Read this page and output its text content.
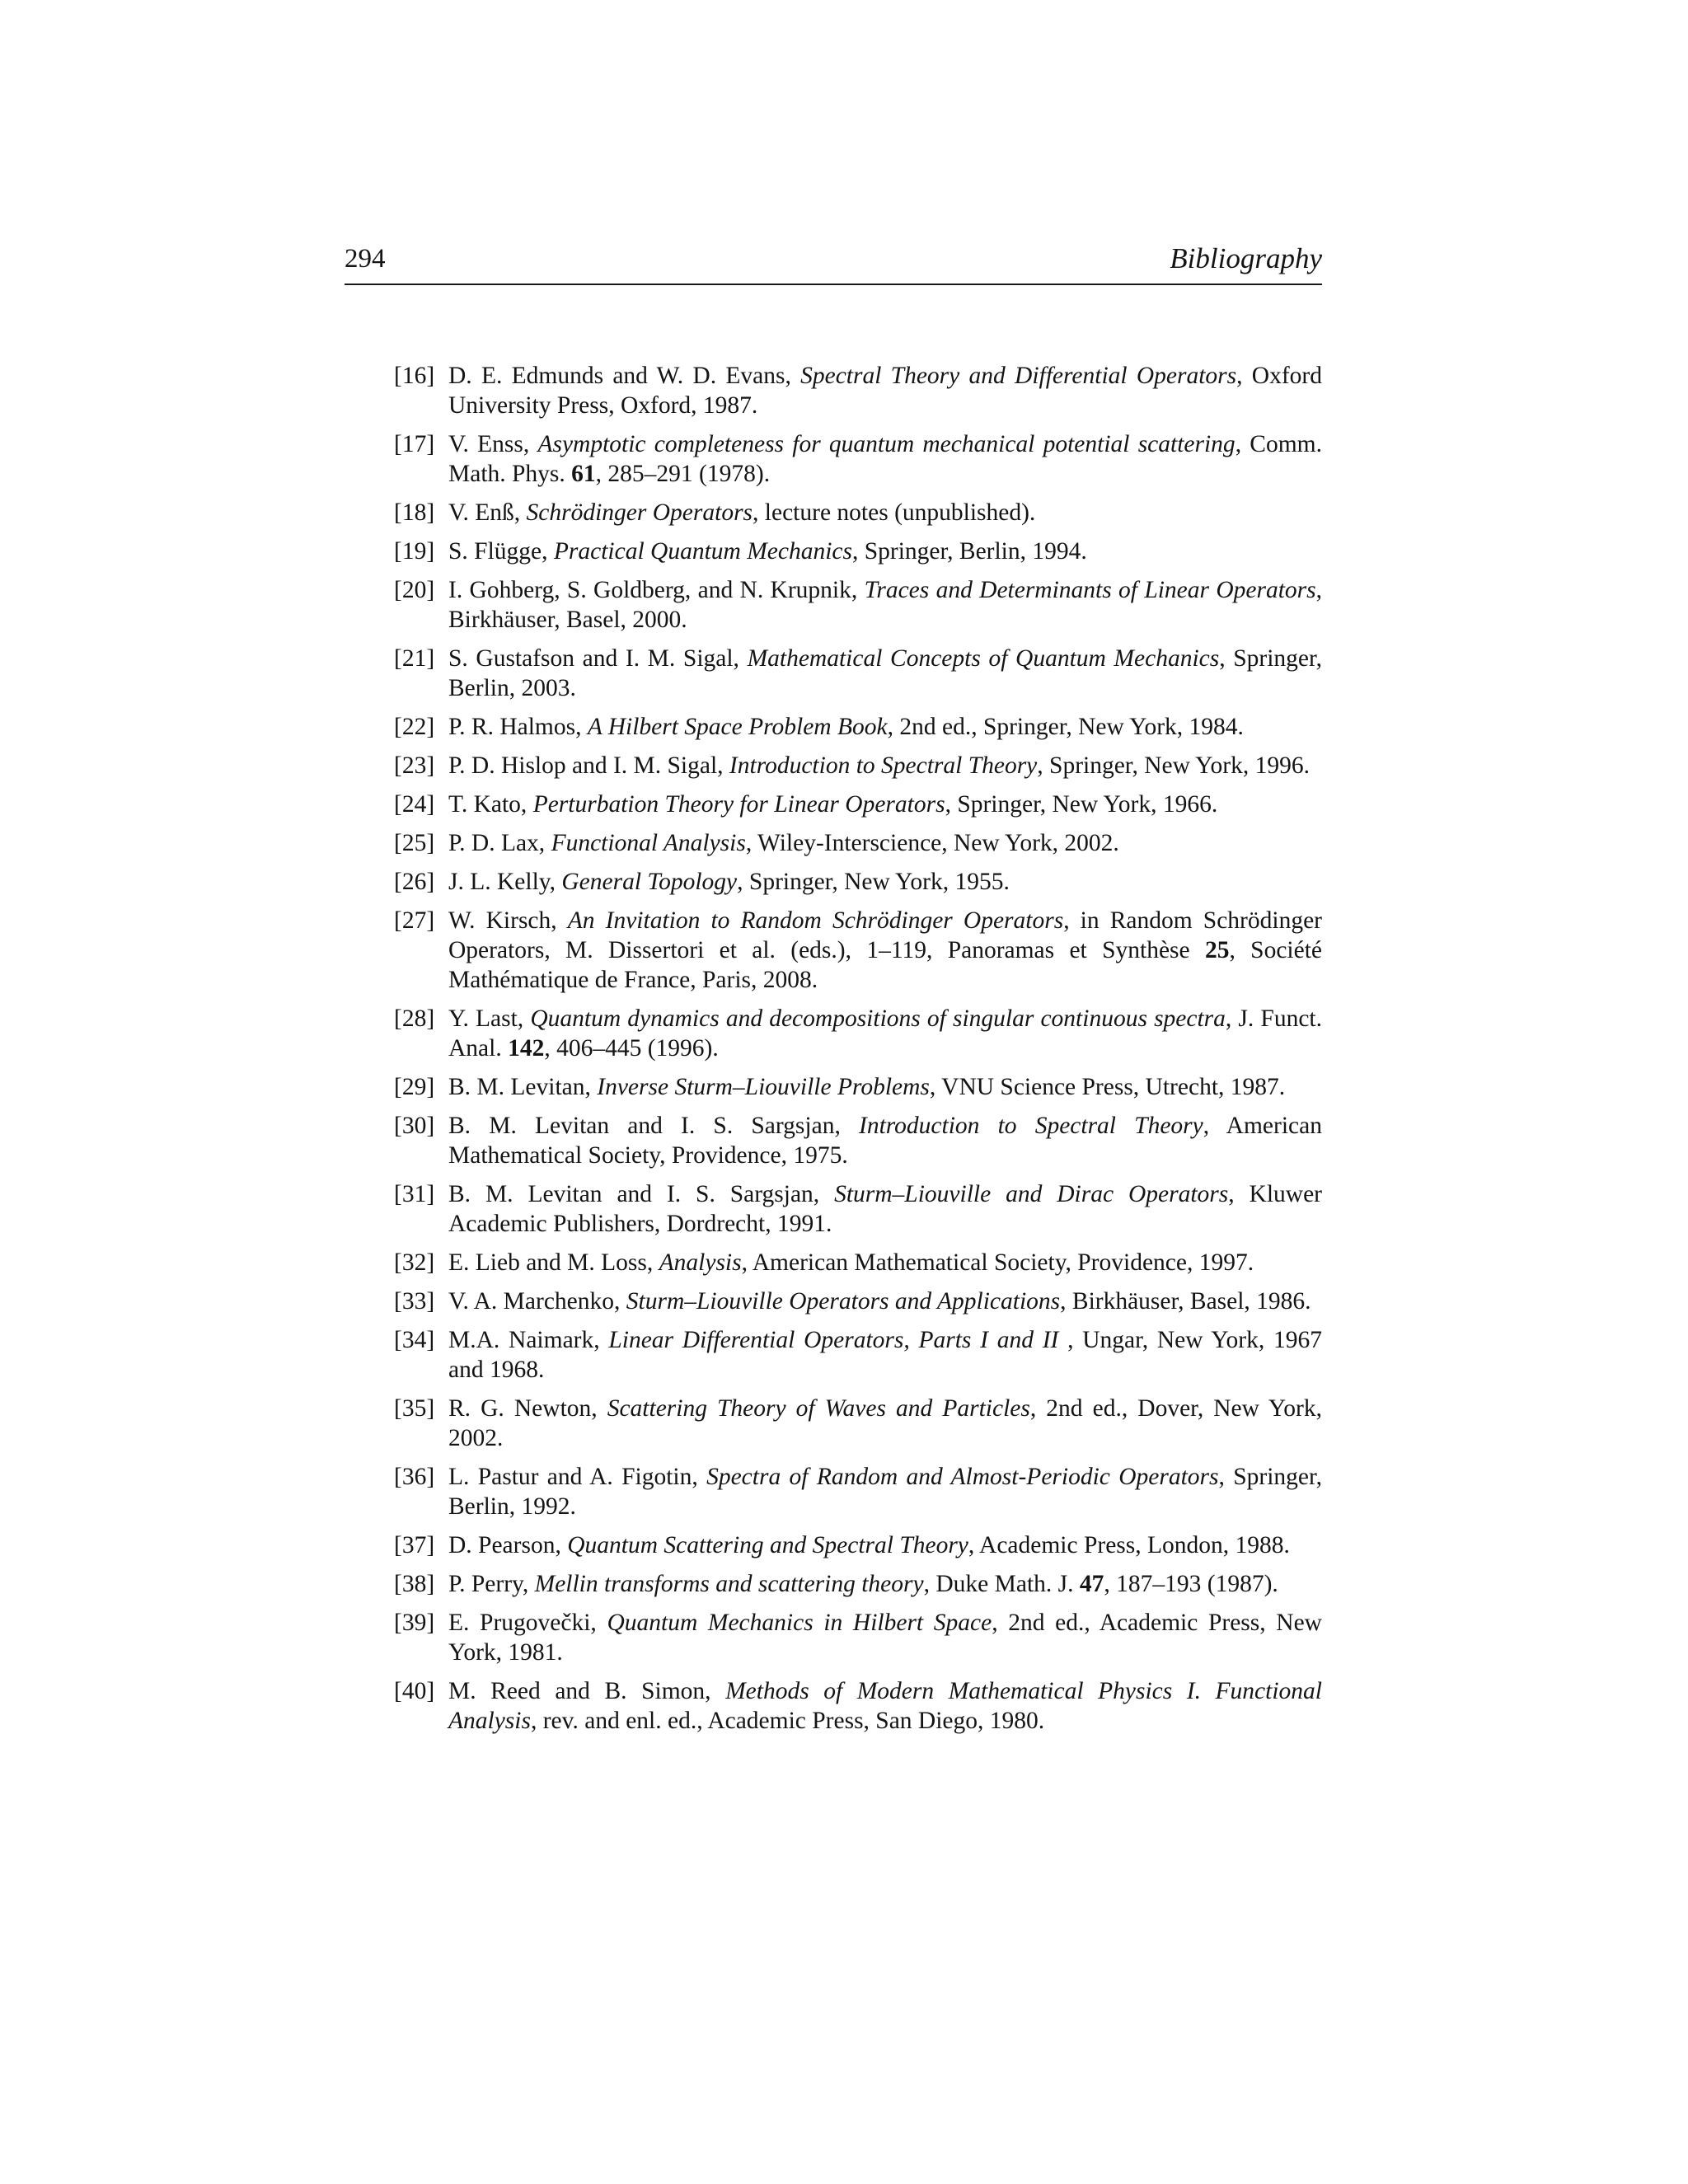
294	Bibliography
[16] D. E. Edmunds and W. D. Evans, Spectral Theory and Differential Operators, Oxford University Press, Oxford, 1987.
[17] V. Enss, Asymptotic completeness for quantum mechanical potential scattering, Comm. Math. Phys. 61, 285–291 (1978).
[18] V. Enß, Schrödinger Operators, lecture notes (unpublished).
[19] S. Flügge, Practical Quantum Mechanics, Springer, Berlin, 1994.
[20] I. Gohberg, S. Goldberg, and N. Krupnik, Traces and Determinants of Linear Operators, Birkhäuser, Basel, 2000.
[21] S. Gustafson and I. M. Sigal, Mathematical Concepts of Quantum Mechanics, Springer, Berlin, 2003.
[22] P. R. Halmos, A Hilbert Space Problem Book, 2nd ed., Springer, New York, 1984.
[23] P. D. Hislop and I. M. Sigal, Introduction to Spectral Theory, Springer, New York, 1996.
[24] T. Kato, Perturbation Theory for Linear Operators, Springer, New York, 1966.
[25] P. D. Lax, Functional Analysis, Wiley-Interscience, New York, 2002.
[26] J. L. Kelly, General Topology, Springer, New York, 1955.
[27] W. Kirsch, An Invitation to Random Schrödinger Operators, in Random Schrödinger Operators, M. Dissertori et al. (eds.), 1–119, Panoramas et Synthèse 25, Société Mathématique de France, Paris, 2008.
[28] Y. Last, Quantum dynamics and decompositions of singular continuous spectra, J. Funct. Anal. 142, 406–445 (1996).
[29] B. M. Levitan, Inverse Sturm–Liouville Problems, VNU Science Press, Utrecht, 1987.
[30] B. M. Levitan and I. S. Sargsjan, Introduction to Spectral Theory, American Mathematical Society, Providence, 1975.
[31] B. M. Levitan and I. S. Sargsjan, Sturm–Liouville and Dirac Operators, Kluwer Academic Publishers, Dordrecht, 1991.
[32] E. Lieb and M. Loss, Analysis, American Mathematical Society, Providence, 1997.
[33] V. A. Marchenko, Sturm–Liouville Operators and Applications, Birkhäuser, Basel, 1986.
[34] M.A. Naimark, Linear Differential Operators, Parts I and II , Ungar, New York, 1967 and 1968.
[35] R. G. Newton, Scattering Theory of Waves and Particles, 2nd ed., Dover, New York, 2002.
[36] L. Pastur and A. Figotin, Spectra of Random and Almost-Periodic Operators, Springer, Berlin, 1992.
[37] D. Pearson, Quantum Scattering and Spectral Theory, Academic Press, London, 1988.
[38] P. Perry, Mellin transforms and scattering theory, Duke Math. J. 47, 187–193 (1987).
[39] E. Prugovečki, Quantum Mechanics in Hilbert Space, 2nd ed., Academic Press, New York, 1981.
[40] M. Reed and B. Simon, Methods of Modern Mathematical Physics I. Functional Analysis, rev. and enl. ed., Academic Press, San Diego, 1980.
